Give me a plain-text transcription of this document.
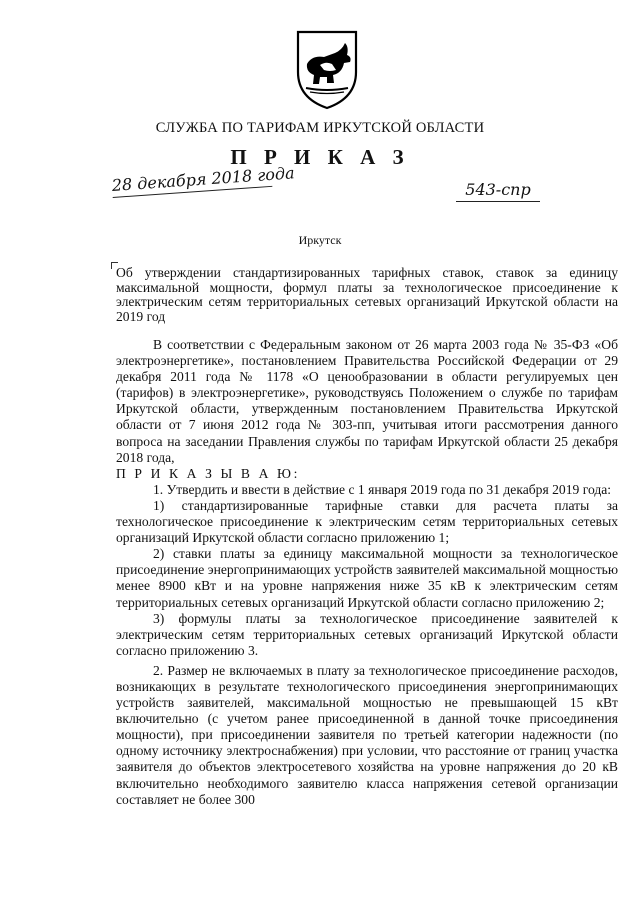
СЛУЖБА ПО ТАРИФАМ ИРКУТСКОЙ ОБЛАСТИ
П Р И К А З
28 декабря 2018 года	543-спр
Иркутск
Об утверждении стандартизированных тарифных ставок, ставок за единицу максимальной мощности, формул платы за технологическое присоединение к электрическим сетям территориальных сетевых организаций Иркутской области на 2019 год

В соответствии с Федеральным законом от 26 марта 2003 года № 35-ФЗ «Об электроэнергетике», постановлением Правительства Российской Федерации от 29 декабря 2011 года № 1178 «О ценообразовании в области регулируемых цен (тарифов) в электроэнергетике», руководствуясь Положением о службе по тарифам Иркутской области, утвержденным постановлением Правительства Иркутской области от 7 июня 2012 года № 303-пп, учитывая итоги рассмотрения данного вопроса на заседании Правления службы по тарифам Иркутской области 25 декабря 2018 года,

П Р И К А З Ы В А Ю:

1. Утвердить и ввести в действие с 1 января 2019 года по 31 декабря 2019 года:

1) стандартизированные тарифные ставки для расчета платы за технологическое присоединение к электрическим сетям территориальных сетевых организаций Иркутской области согласно приложению 1;

2) ставки платы за единицу максимальной мощности за технологическое присоединение энергопринимающих устройств заявителей максимальной мощностью менее 8900 кВт и на уровне напряжения ниже 35 кВ к электрическим сетям территориальных сетевых организаций Иркутской области согласно приложению 2;

3) формулы платы за технологическое присоединение заявителей к электрическим сетям территориальных сетевых организаций Иркутской области согласно приложению 3.

2. Размер не включаемых в плату за технологическое присоединение расходов, возникающих в результате технологического присоединения энергопринимающих устройств заявителей, максимальной мощностью не превышающей 15 кВт включительно (с учетом ранее присоединенной в данной точке присоединения мощности), при присоединении заявителя по третьей категории надежности (по одному источнику электроснабжения) при условии, что расстояние от границ участка заявителя до объектов электросетевого хозяйства на уровне напряжения до 20 кВ включительно необходимого заявителю класса напряжения сетевой организации составляет не более 300
